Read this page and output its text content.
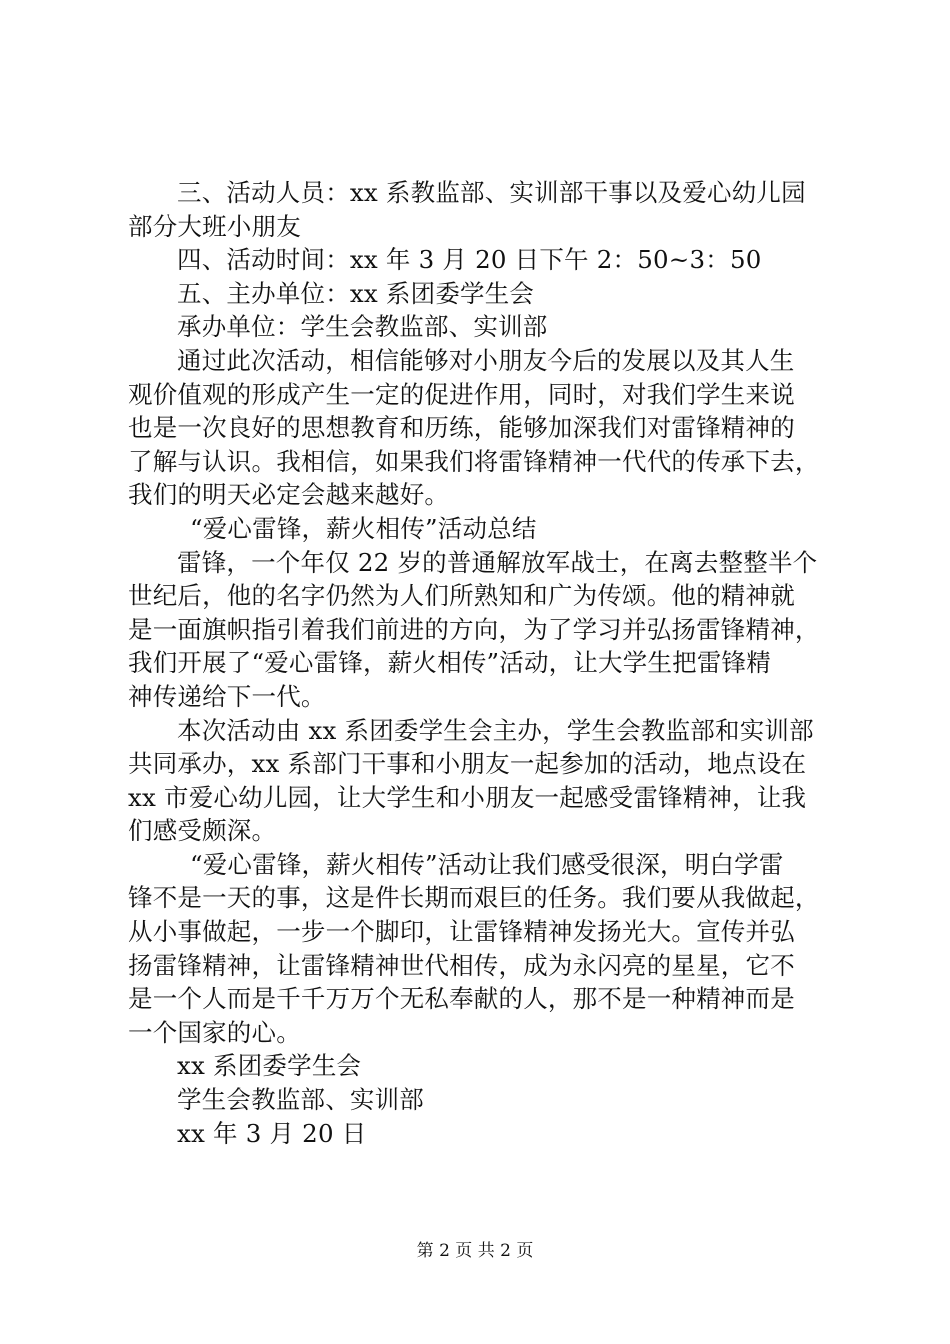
三、活动人员：xx 系教监部、实训部干事以及爱心幼儿园
部分大班小朋友
四、活动时间：xx 年 3 月 20 日下午 2：50~3：50
五、主办单位：xx 系团委学生会
承办单位：学生会教监部、实训部
通过此次活动，相信能够对小朋友今后的发展以及其人生
观价值观的形成产生一定的促进作用，同时，对我们学生来说
也是一次良好的思想教育和历练，能够加深我们对雷锋精神的
了解与认识。我相信，如果我们将雷锋精神一代代的传承下去，
我们的明天必定会越来越好。
“爱心雷锋，薪火相传”活动总结
雷锋，一个年仅 22 岁的普通解放军战士，在离去整整半个
世纪后，他的名字仍然为人们所熟知和广为传颂。他的精神就
是一面旗帜指引着我们前进的方向，为了学习并弘扬雷锋精神，
我们开展了“爱心雷锋，薪火相传”活动，让大学生把雷锋精
神传递给下一代。
本次活动由 xx 系团委学生会主办，学生会教监部和实训部
共同承办，xx 系部门干事和小朋友一起参加的活动，地点设在
xx 市爱心幼儿园，让大学生和小朋友一起感受雷锋精神，让我
们感受颇深。
“爱心雷锋，薪火相传”活动让我们感受很深，明白学雷
锋不是一天的事，这是件长期而艰巨的任务。我们要从我做起，
从小事做起，一步一个脚印，让雷锋精神发扬光大。宣传并弘
扬雷锋精神，让雷锋精神世代相传，成为永闪亮的星星，它不
是一个人而是千千万万个无私奉献的人，那不是一种精神而是
一个国家的心。
xx 系团委学生会
学生会教监部、实训部
xx 年 3 月 20 日
第 2 页 共 2 页
